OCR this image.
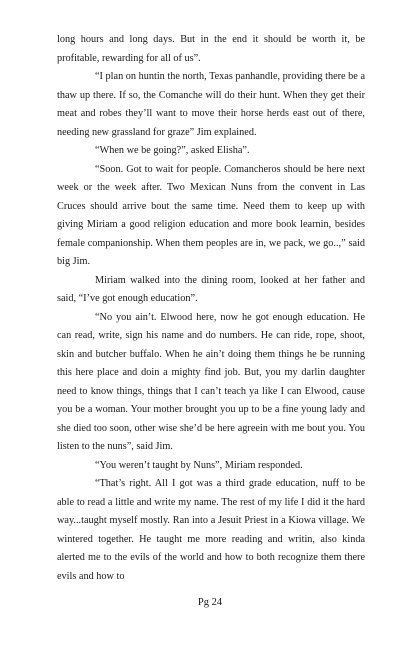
long hours and long days. But in the end it should be worth it, be profitable, rewarding for all of us”.

“I plan on huntin the north, Texas panhandle, providing there be a thaw up there. If so, the Comanche will do their hunt. When they get their meat and robes they’ll want to move their horse herds east out of there, needing new grassland for graze” Jim explained.

“When we be going?”, asked Elisha”.

“Soon. Got to wait for people. Comancheros should be here next week or the week after. Two Mexican Nuns from the convent in Las Cruces should arrive bout the same time. Need them to keep up with giving Miriam a good religion education and more book learnin, besides female companionship. When them peoples are in, we pack, we go..,” said big Jim.

Miriam walked into the dining room, looked at her father and said, “I’ve got enough education”.

“No you ain’t. Elwood here, now he got enough education. He can read, write, sign his name and do numbers. He can ride, rope, shoot, skin and butcher buffalo. When he ain’t doing them things he be running this here place and doin a mighty find job. But, you my darlin daughter need to know things, things that I can’t teach ya like I can Elwood, cause you be a woman. Your mother brought you up to be a fine young lady and she died too soon, other wise she’d be here agreein with me bout you. You listen to the nuns”, said Jim.

“You weren’t taught by Nuns”, Miriam responded.

“That’s right. All I got was a third grade education, nuff to be able to read a little and write my name. The rest of my life I did it the hard way...taught myself mostly. Ran into a Jesuit Priest in a Kiowa village. We wintered together. He taught me more reading and writin, also kinda alerted me to the evils of the world and how to both recognize them there evils and how to

Pg 24
